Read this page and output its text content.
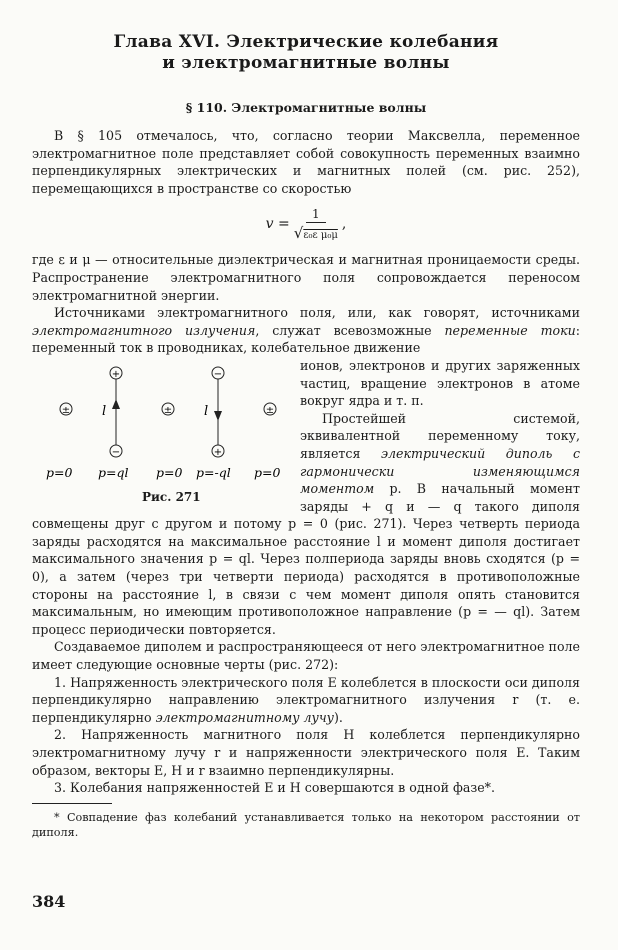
Глава XVI. Электрические колебания
и электромагнитные волны
§ 110. Электромагнитные волны

В § 105 отмечалось, что, согласно теории Максвелла, переменное электромагнитное поле представляет собой совокупность переменных взаимно перпендикулярных электрических и магнитных полей (см. рис. 252), перемещающихся в пространстве со скоростью

$v = \frac{1}{\text{√ε₀ε μ₀μ}}$ ,

где ε и μ — относительные диэлектрическая и магнитная проницаемости среды. Распространение электромагнитного поля сопровождается переносом электромагнитной энергии.

Источниками электромагнитного поля, или, как говорят, источниками электромагнитного излучения, служат всевозможные переменные токи: переменный ток в проводниках, колебательное движение

±
+
−
l	±
−
+
l	±
p=0 p=ql p=0 p=-ql p=0
Рис. 271

ионов, электронов и других заряженных частиц, вращение электронов в атоме вокруг ядра и т. п.

Простейшей системой, эквивалентной переменному току, является электрический диполь с гармонически изменяющимся моментом p. В начальный момент заряды + q и — q такого диполя совмещены друг с другом и потому p = 0 (рис. 271). Через четверть периода заряды расходятся на максимальное расстояние l и момент диполя достигает максимального значения p = ql. Через полпериода заряды вновь сходятся (p = 0), а затем (через три четверти периода) расходятся в противоположные стороны на расстояние l, в связи с чем момент диполя опять становится максимальным, но имеющим противоположное направление (p = — ql). Затем процесс периодически повторяется.

Создаваемое диполем и распространяющееся от него электромагнитное поле имеет следующие основные черты (рис. 272):

1. Напряженность электрического поля E колеблется в плоскости оси диполя перпендикулярно направлению электромагнитного излучения r (т. е. перпендикулярно электромагнитному лучу).

2. Напряженность магнитного поля H колеблется перпендикулярно электромагнитному лучу r и напряженности электрического поля E. Таким образом, векторы E, H и r взаимно перпендикулярны.

3. Колебания напряженностей E и H совершаются в одной фазе*.

* Совпадение фаз колебаний устанавливается только на некотором расстоянии от диполя.

384
